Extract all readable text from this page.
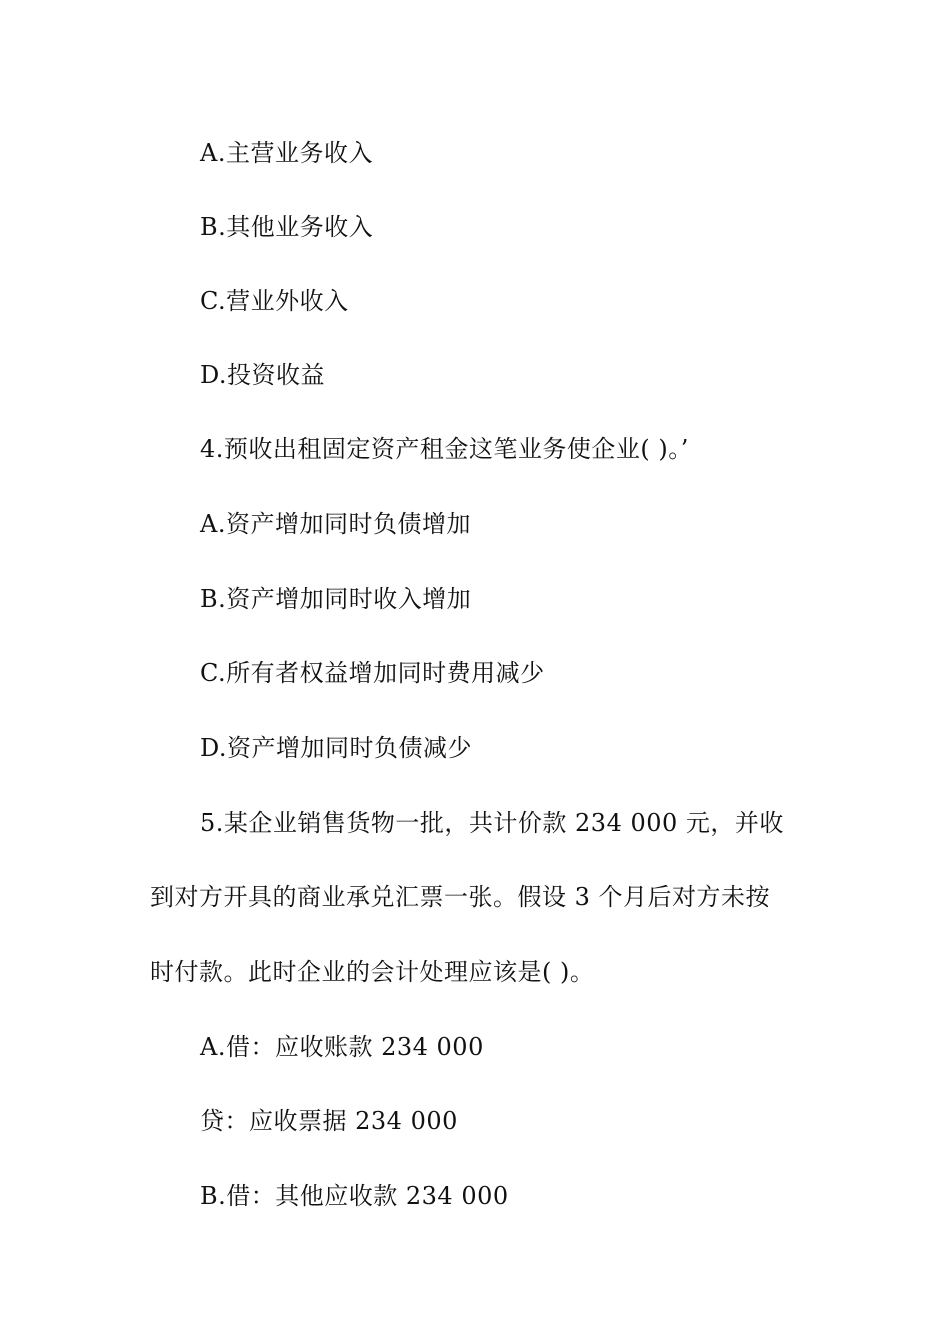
A.主营业务收入
B.其他业务收入
C.营业外收入
D.投资收益
4.预收出租固定资产租金这笔业务使企业( )。’
A.资产增加同时负债增加
B.资产增加同时收入增加
C.所有者权益增加同时费用减少
D.资产增加同时负债减少
5.某企业销售货物一批，共计价款 234 000 元，并收
到对方开具的商业承兑汇票一张。假设 3 个月后对方未按
时付款。此时企业的会计处理应该是( )。
A.借：应收账款 234 000
贷：应收票据 234 000
B.借：其他应收款 234 000
